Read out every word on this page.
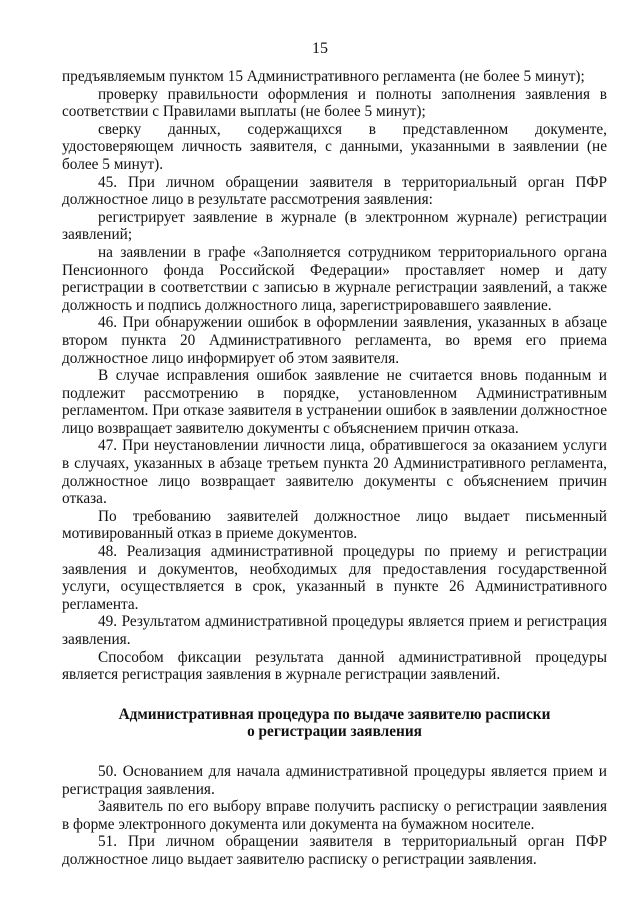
15

предъявляемым пунктом 15 Административного регламента (не более 5 минут);

проверку правильности оформления и полноты заполнения заявления в соответствии с Правилами выплаты (не более 5 минут);

сверку данных, содержащихся в представленном документе, удостоверяющем личность заявителя, с данными, указанными в заявлении (не более 5 минут).

45. При личном обращении заявителя в территориальный орган ПФР должностное лицо в результате рассмотрения заявления:

регистрирует заявление в журнале (в электронном журнале) регистрации заявлений;

на заявлении в графе «Заполняется сотрудником территориального органа Пенсионного фонда Российской Федерации» проставляет номер и дату регистрации в соответствии с записью в журнале регистрации заявлений, а также должность и подпись должностного лица, зарегистрировавшего заявление.

46. При обнаружении ошибок в оформлении заявления, указанных в абзаце втором пункта 20 Административного регламента, во время его приема должностное лицо информирует об этом заявителя.

В случае исправления ошибок заявление не считается вновь поданным и подлежит рассмотрению в порядке, установленном Административным регламентом. При отказе заявителя в устранении ошибок в заявлении должностное лицо возвращает заявителю документы с объяснением причин отказа.

47. При неустановлении личности лица, обратившегося за оказанием услуги в случаях, указанных в абзаце третьем пункта 20 Административного регламента, должностное лицо возвращает заявителю документы с объяснением причин отказа.

По требованию заявителей должностное лицо выдает письменный мотивированный отказ в приеме документов.

48. Реализация административной процедуры по приему и регистрации заявления и документов, необходимых для предоставления государственной услуги, осуществляется в срок, указанный в пункте 26 Административного регламента.

49. Результатом административной процедуры является прием и регистрация заявления.

Способом фиксации результата данной административной процедуры является регистрация заявления в журнале регистрации заявлений.

Административная процедура по выдаче заявителю расписки
о регистрации заявления

50. Основанием для начала административной процедуры является прием и регистрация заявления.

Заявитель по его выбору вправе получить расписку о регистрации заявления в форме электронного документа или документа на бумажном носителе.

51. При личном обращении заявителя в территориальный орган ПФР должностное лицо выдает заявителю расписку о регистрации заявления.
